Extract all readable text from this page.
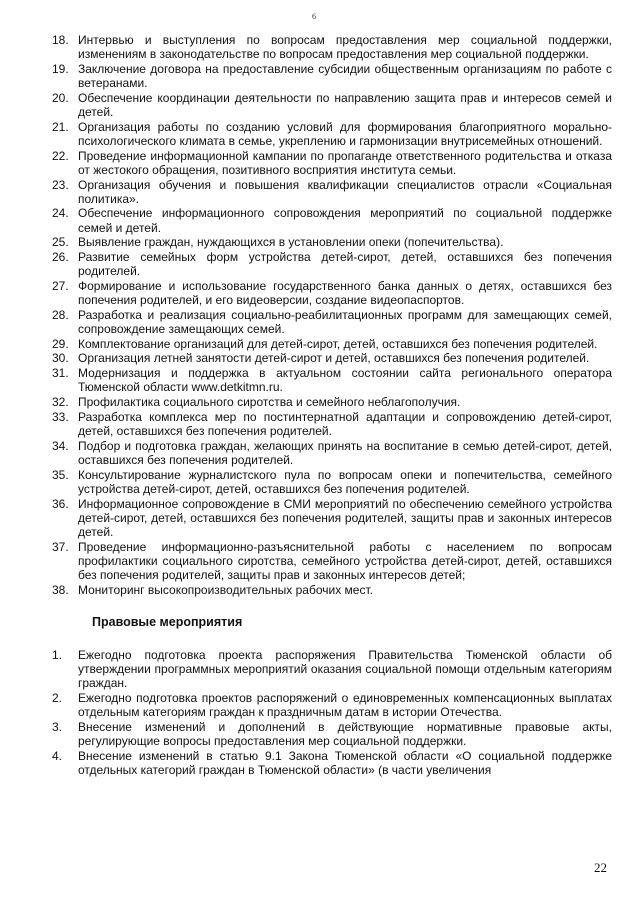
6
18. Интервью и выступления по вопросам предоставления мер социальной поддержки, изменениям в законодательстве по вопросам предоставления мер социальной поддержки.
19. Заключение договора на предоставление субсидии общественным организациям по работе с ветеранами.
20. Обеспечение координации деятельности по направлению защита прав и интересов семей и детей.
21. Организация работы по созданию условий для формирования благоприятного морально-психологического климата в семье, укреплению и гармонизации внутрисемейных отношений.
22. Проведение информационной кампании по пропаганде ответственного родительства и отказа от жестокого обращения, позитивного восприятия института семьи.
23. Организация обучения и повышения квалификации специалистов отрасли «Социальная политика».
24. Обеспечение информационного сопровождения мероприятий по социальной поддержке семей и детей.
25. Выявление граждан, нуждающихся в установлении опеки (попечительства).
26. Развитие семейных форм устройства детей-сирот, детей, оставшихся без попечения родителей.
27. Формирование и использование государственного банка данных о детях, оставшихся без попечения родителей, и его видеоверсии, создание видеопаспортов.
28. Разработка и реализация социально-реабилитационных программ для замещающих семей, сопровождение замещающих семей.
29. Комплектование организаций для детей-сирот, детей, оставшихся без попечения родителей.
30. Организация летней занятости детей-сирот и детей, оставшихся без попечения родителей.
31. Модернизация и поддержка в актуальном состоянии сайта регионального оператора Тюменской области www.detkitmn.ru.
32. Профилактика социального сиротства и семейного неблагополучия.
33. Разработка комплекса мер по постинтернатной адаптации и сопровождению детей-сирот, детей, оставшихся без попечения родителей.
34. Подбор и подготовка граждан, желающих принять на воспитание в семью детей-сирот, детей, оставшихся без попечения родителей.
35. Консультирование журналистского пула по вопросам опеки и попечительства, семейного устройства детей-сирот, детей, оставшихся без попечения родителей.
36. Информационное сопровождение в СМИ мероприятий по обеспечению семейного устройства детей-сирот, детей, оставшихся без попечения родителей, защиты прав и законных интересов детей.
37. Проведение информационно-разъяснительной работы с населением по вопросам профилактики социального сиротства, семейного устройства детей-сирот, детей, оставшихся без попечения родителей, защиты прав и законных интересов детей;
38. Мониторинг высокопроизводительных рабочих мест.
Правовые мероприятия
1. Ежегодно подготовка проекта распоряжения Правительства Тюменской области об утверждении программных мероприятий оказания социальной помощи отдельным категориям граждан.
2. Ежегодно подготовка проектов распоряжений о единовременных компенсационных выплатах отдельным категориям граждан к праздничным датам в истории Отечества.
3. Внесение изменений и дополнений в действующие нормативные правовые акты, регулирующие вопросы предоставления мер социальной поддержки.
4. Внесение изменений в статью 9.1 Закона Тюменской области «О социальной поддержке отдельных категорий граждан в Тюменской области» (в части увеличения
22
